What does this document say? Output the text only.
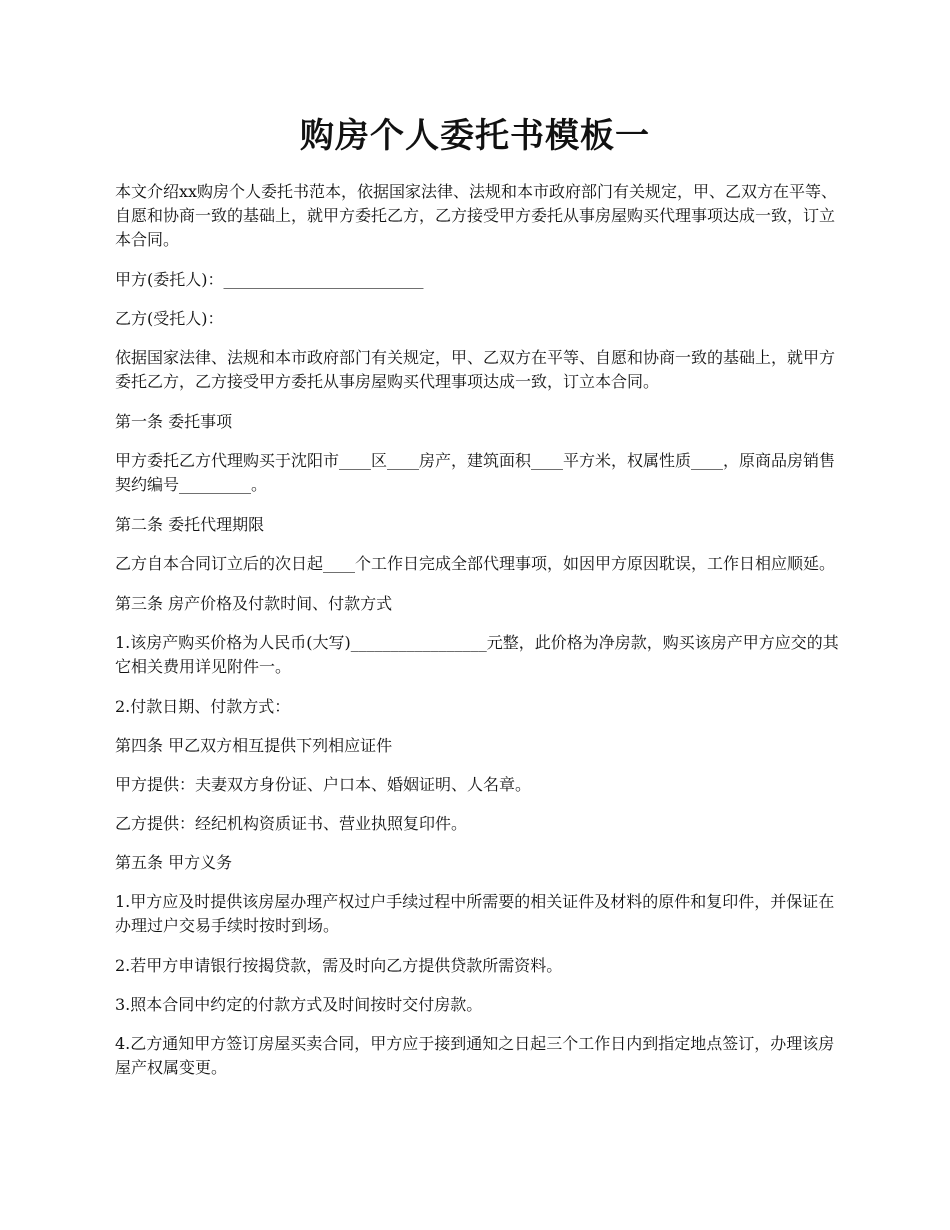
购房个人委托书模板一

本文介绍xx购房个人委托书范本，依据国家法律、法规和本市政府部门有关规定，甲、乙双方在平等、自愿和协商一致的基础上，就甲方委托乙方，乙方接受甲方委托从事房屋购买代理事项达成一致，订立本合同。

甲方(委托人)：_________________________

乙方(受托人)：

依据国家法律、法规和本市政府部门有关规定，甲、乙双方在平等、自愿和协商一致的基础上，就甲方委托乙方，乙方接受甲方委托从事房屋购买代理事项达成一致，订立本合同。

第一条 委托事项

甲方委托乙方代理购买于沈阳市____区____房产，建筑面积____平方米，权属性质____，原商品房销售契约编号_________。

第二条 委托代理期限

乙方自本合同订立后的次日起____个工作日完成全部代理事项，如因甲方原因耽误，工作日相应顺延。

第三条 房产价格及付款时间、付款方式

1.该房产购买价格为人民币(大写)_________________元整，此价格为净房款，购买该房产甲方应交的其它相关费用详见附件一。

2.付款日期、付款方式：

第四条 甲乙双方相互提供下列相应证件

甲方提供：夫妻双方身份证、户口本、婚姻证明、人名章。

乙方提供：经纪机构资质证书、营业执照复印件。

第五条 甲方义务

1.甲方应及时提供该房屋办理产权过户手续过程中所需要的相关证件及材料的原件和复印件，并保证在办理过户交易手续时按时到场。

2.若甲方申请银行按揭贷款，需及时向乙方提供贷款所需资料。

3.照本合同中约定的付款方式及时间按时交付房款。

4.乙方通知甲方签订房屋买卖合同，甲方应于接到通知之日起三个工作日内到指定地点签订，办理该房屋产权属变更。
